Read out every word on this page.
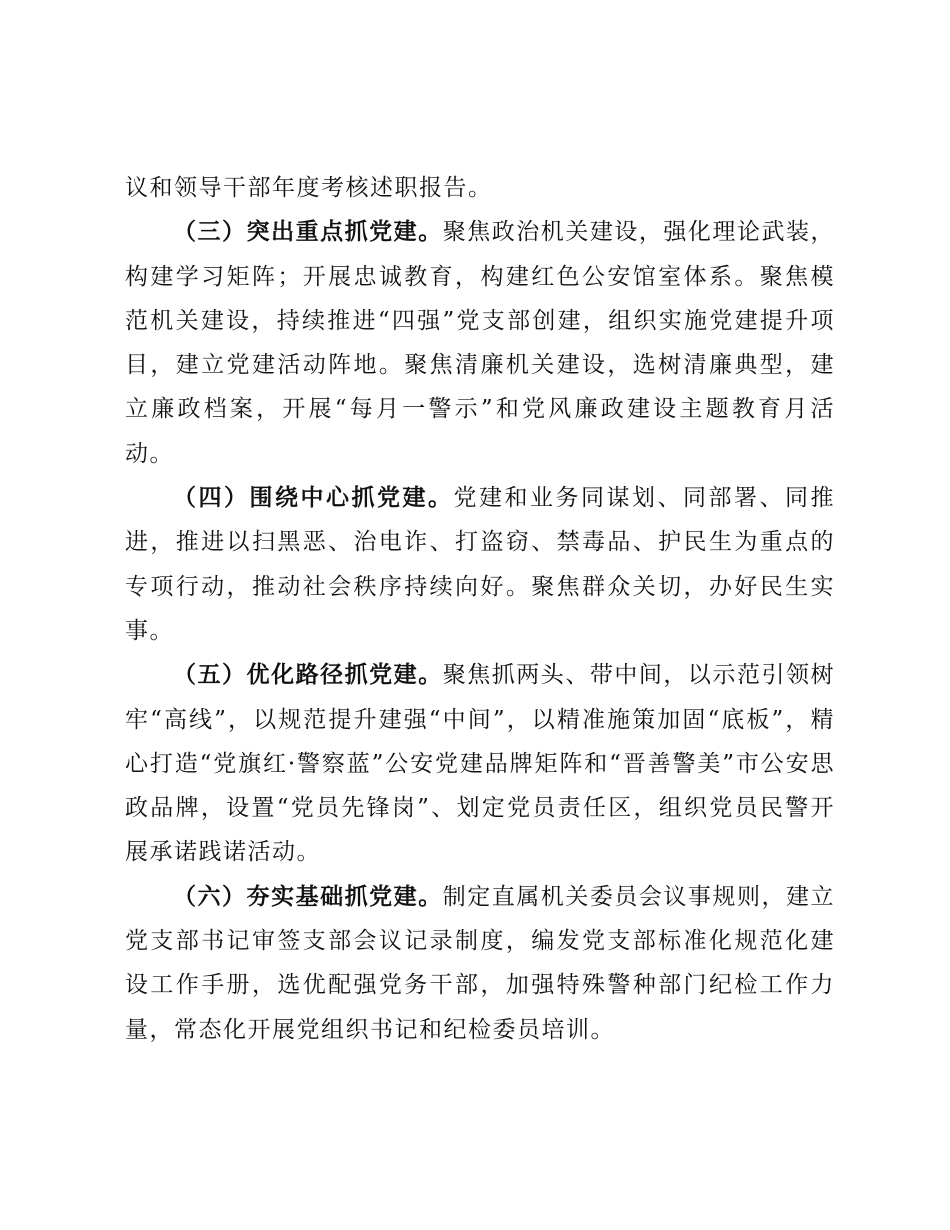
议和领导干部年度考核述职报告。

（三）突出重点抓党建。聚焦政治机关建设，强化理论武装，构建学习矩阵；开展忠诚教育，构建红色公安馆室体系。聚焦模范机关建设，持续推进“四强”党支部创建，组织实施党建提升项目，建立党建活动阵地。聚焦清廉机关建设，选树清廉典型，建立廉政档案，开展“每月一警示”和党风廉政建设主题教育月活动。

（四）围绕中心抓党建。党建和业务同谋划、同部署、同推进，推进以扫黑恶、治电诈、打盗窃、禁毒品、护民生为重点的专项行动，推动社会秩序持续向好。聚焦群众关切，办好民生实事。

（五）优化路径抓党建。聚焦抓两头、带中间，以示范引领树牢“高线”，以规范提升建强“中间”，以精准施策加固“底板”，精心打造“党旗红·警察蓝”公安党建品牌矩阵和“晋善警美”市公安思政品牌，设置“党员先锋岗”、划定党员责任区，组织党员民警开展承诺践诺活动。

（六）夯实基础抓党建。制定直属机关委员会议事规则，建立党支部书记审签支部会议记录制度，编发党支部标准化规范化建设工作手册，选优配强党务干部，加强特殊警种部门纪检工作力量，常态化开展党组织书记和纪检委员培训。
